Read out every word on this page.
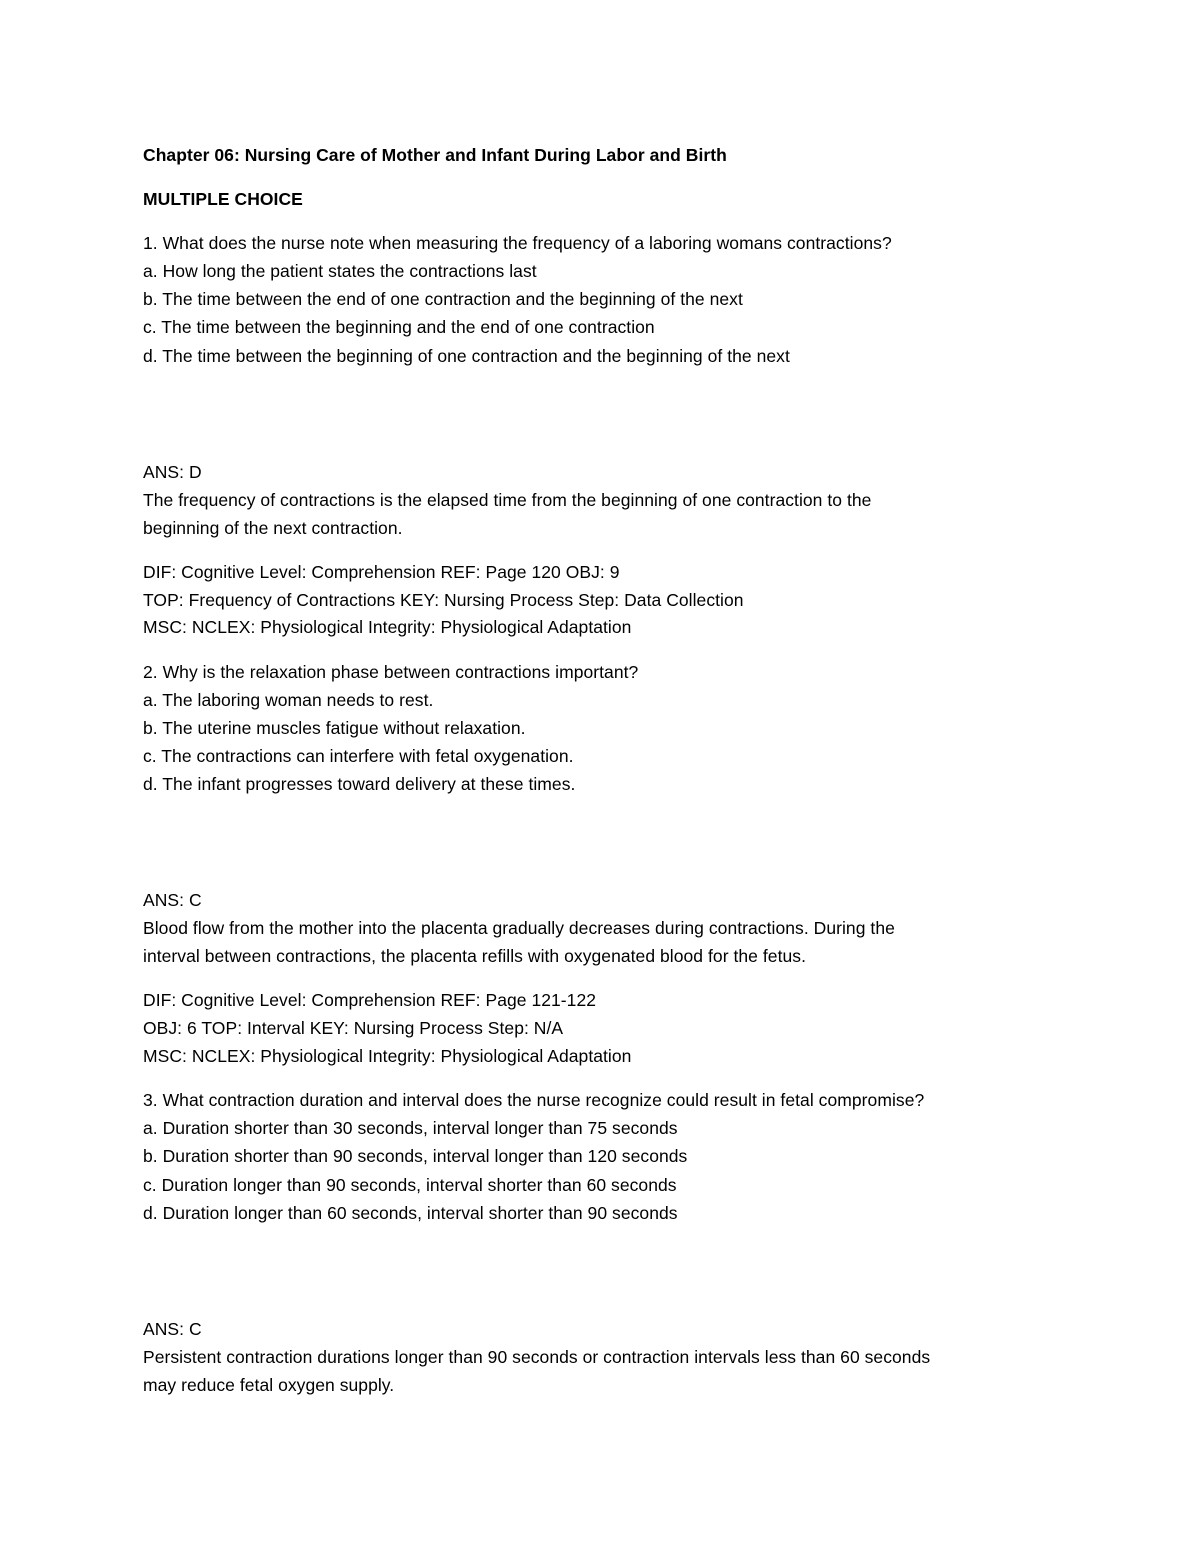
Chapter 06: Nursing Care of Mother and Infant During Labor and Birth

MULTIPLE CHOICE

1. What does the nurse note when measuring the frequency of a laboring womans contractions?

a. How long the patient states the contractions last

b. The time between the end of one contraction and the beginning of the next

c. The time between the beginning and the end of one contraction

d. The time between the beginning of one contraction and the beginning of the next

ANS: D

The frequency of contractions is the elapsed time from the beginning of one contraction to the

beginning of the next contraction.

DIF: Cognitive Level: Comprehension REF: Page 120 OBJ: 9

TOP: Frequency of Contractions KEY: Nursing Process Step: Data Collection

MSC: NCLEX: Physiological Integrity: Physiological Adaptation

2. Why is the relaxation phase between contractions important?

a. The laboring woman needs to rest.

b. The uterine muscles fatigue without relaxation.

c. The contractions can interfere with fetal oxygenation.

d. The infant progresses toward delivery at these times.

ANS: C

Blood flow from the mother into the placenta gradually decreases during contractions. During the

interval between contractions, the placenta refills with oxygenated blood for the fetus.

DIF: Cognitive Level: Comprehension REF: Page 121-122

OBJ: 6 TOP: Interval KEY: Nursing Process Step: N/A

MSC: NCLEX: Physiological Integrity: Physiological Adaptation

3. What contraction duration and interval does the nurse recognize could result in fetal compromise?

a. Duration shorter than 30 seconds, interval longer than 75 seconds

b. Duration shorter than 90 seconds, interval longer than 120 seconds

c. Duration longer than 90 seconds, interval shorter than 60 seconds

d. Duration longer than 60 seconds, interval shorter than 90 seconds

ANS: C

Persistent contraction durations longer than 90 seconds or contraction intervals less than 60 seconds

may reduce fetal oxygen supply.
